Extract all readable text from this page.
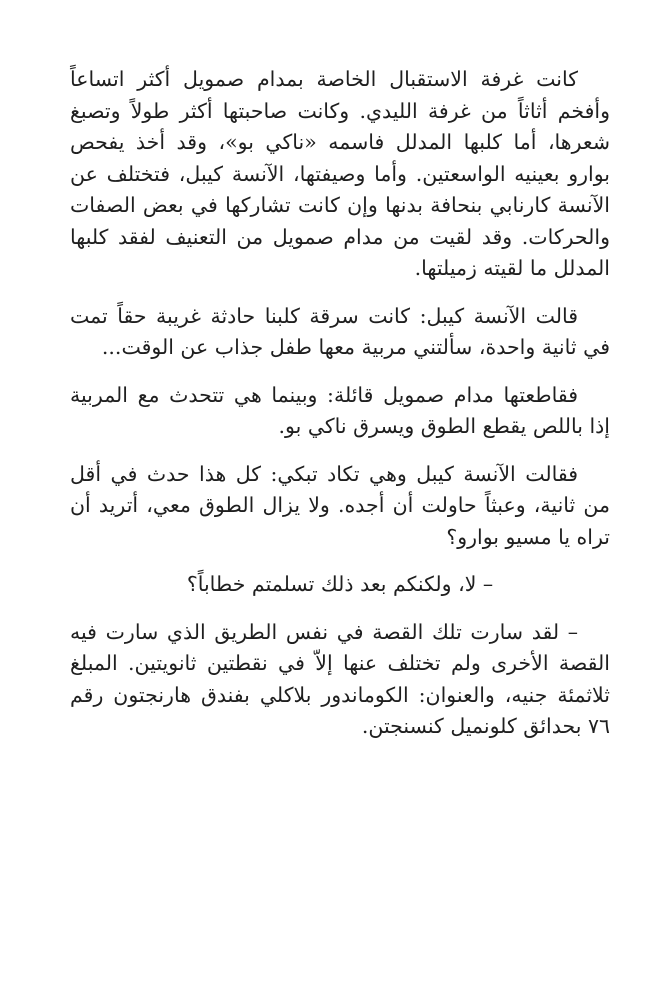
كانت غرفة الاستقبال الخاصة بمدام صمويل أكثر اتساعاً وأفخم أثاثاً من غرفة الليدي. وكانت صاحبتها أكثر طولاً وتصبغ شعرها، أما كلبها المدلل فاسمه «ناكي بو»، وقد أخذ يفحص بوارو بعينيه الواسعتين. وأما وصيفتها، الآنسة كيبل، فتختلف عن الآنسة كارنابي بنحافة بدنها وإن كانت تشاركها في بعض الصفات والحركات. وقد لقيت من مدام صمويل من التعنيف لفقد كلبها المدلل ما لقيته زميلتها.

قالت الآنسة كيبل: كانت سرقة كلبنا حادثة غريبة حقاً تمت في ثانية واحدة، سألتني مربية معها طفل جذاب عن الوقت...

فقاطعتها مدام صمويل قائلة: وبينما هي تتحدث مع المربية إذا باللص يقطع الطوق ويسرق ناكي بو.

فقالت الآنسة كيبل وهي تكاد تبكي: كل هذا حدث في أقل من ثانية، وعبثاً حاولت أن أجده. ولا يزال الطوق معي، أتريد أن تراه يا مسيو بوارو؟

– لا، ولكنكم بعد ذلك تسلمتم خطاباً؟

– لقد سارت تلك القصة في نفس الطريق الذي سارت فيه القصة الأخرى ولم تختلف عنها إلاّ في نقطتين ثانويتين. المبلغ ثلاثمئة جنيه، والعنوان: الكوماندور بلاكلي بفندق هارنجتون رقم ٧٦ بحدائق كلونميل كنسنجتن.
